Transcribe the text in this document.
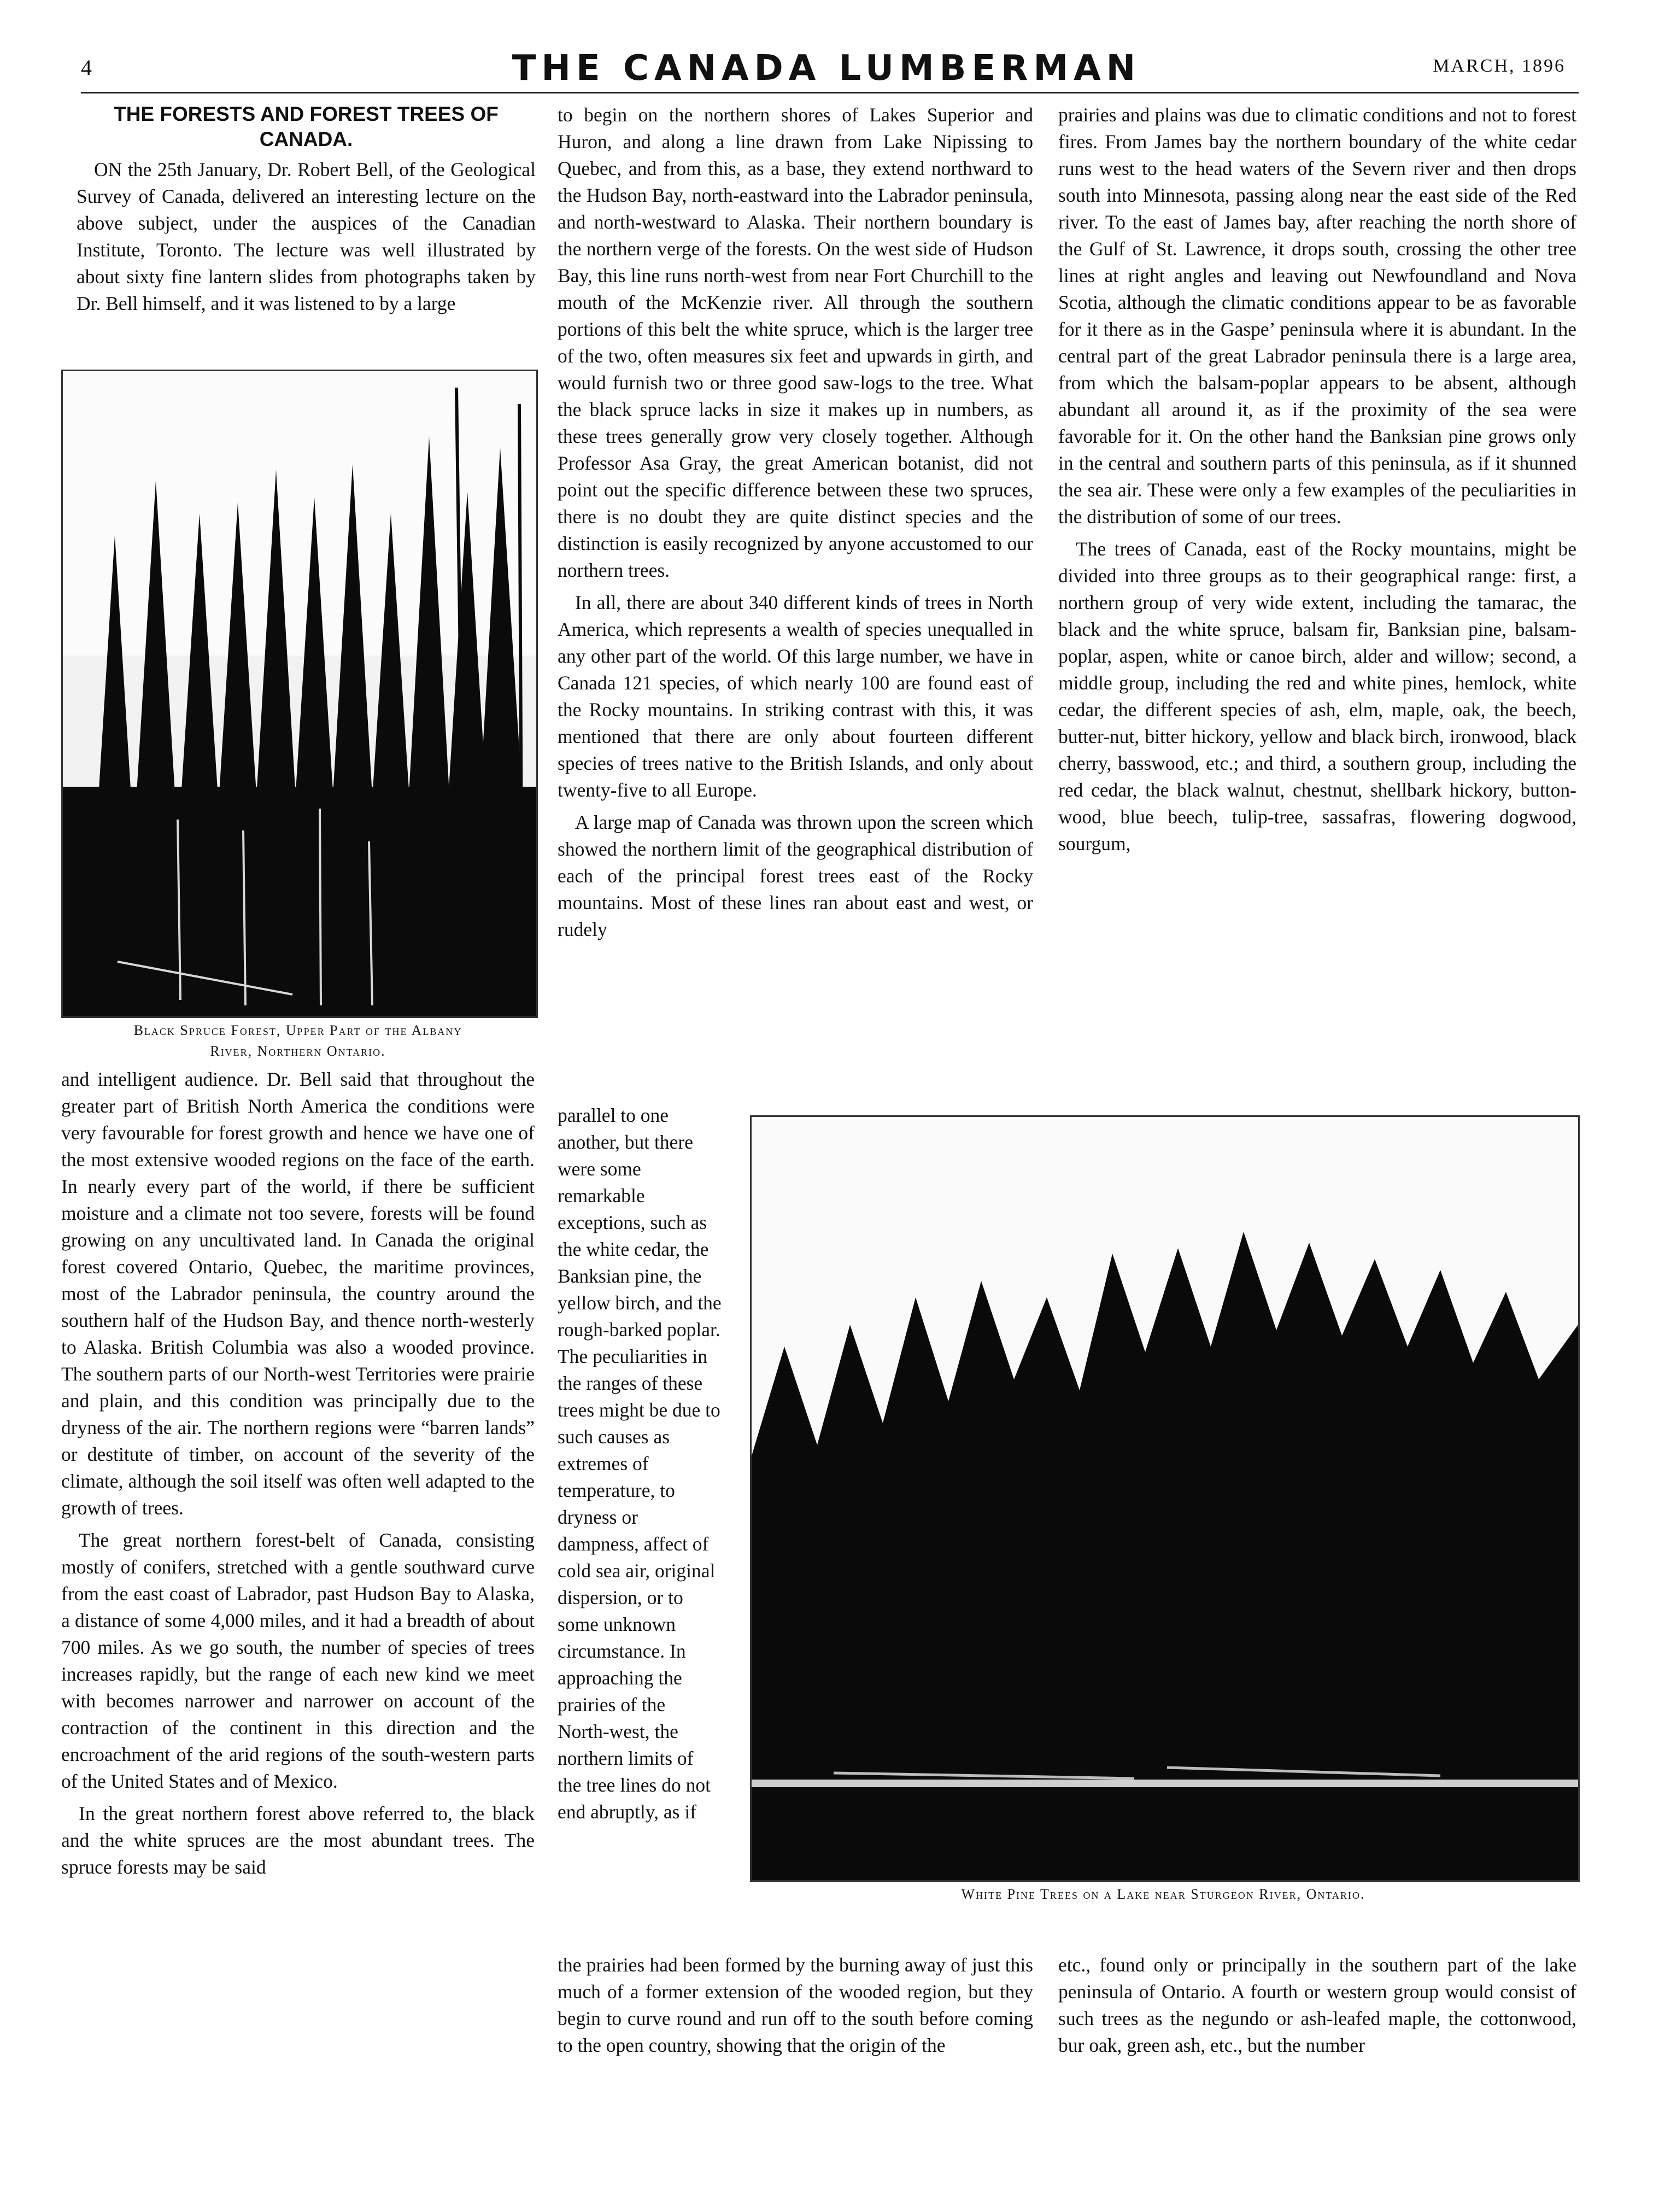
4	THE CANADA LUMBERMAN	MARCH, 1896
THE FORESTS AND FOREST TREES OF CANADA.

ON the 25th January, Dr. Robert Bell, of the Geological Survey of Canada, delivered an interesting lecture on the above subject, under the auspices of the Canadian Institute, Toronto. The lecture was well illustrated by about sixty fine lantern slides from photographs taken by Dr. Bell himself, and it was listened to by a large

Black Spruce Forest, Upper Part of the Albany
River, Northern Ontario.

and intelligent audience. Dr. Bell said that throughout the greater part of British North America the conditions were very favourable for forest growth and hence we have one of the most extensive wooded regions on the face of the earth. In nearly every part of the world, if there be sufficient moisture and a climate not too severe, forests will be found growing on any uncultivated land. In Canada the original forest covered Ontario, Quebec, the maritime provinces, most of the Labrador peninsula, the country around the southern half of the Hudson Bay, and thence north-westerly to Alaska. British Columbia was also a wooded province. The southern parts of our North-west Territories were prairie and plain, and this condition was principally due to the dryness of the air. The northern regions were “barren lands” or destitute of timber, on account of the severity of the climate, although the soil itself was often well adapted to the growth of trees.

The great northern forest-belt of Canada, consisting mostly of conifers, stretched with a gentle southward curve from the east coast of Labrador, past Hudson Bay to Alaska, a distance of some 4,000 miles, and it had a breadth of about 700 miles. As we go south, the number of species of trees increases rapidly, but the range of each new kind we meet with becomes narrower and narrower on account of the contraction of the continent in this direction and the encroachment of the arid regions of the south-western parts of the United States and of Mexico.

In the great northern forest above referred to, the black and the white spruces are the most abundant trees. The spruce forests may be said

to begin on the northern shores of Lakes Superior and Huron, and along a line drawn from Lake Nipissing to Quebec, and from this, as a base, they extend northward to the Hudson Bay, north-eastward into the Labrador peninsula, and north-westward to Alaska. Their northern boundary is the northern verge of the forests. On the west side of Hudson Bay, this line runs north-west from near Fort Churchill to the mouth of the McKenzie river. All through the southern portions of this belt the white spruce, which is the larger tree of the two, often measures six feet and upwards in girth, and would furnish two or three good saw-logs to the tree. What the black spruce lacks in size it makes up in numbers, as these trees generally grow very closely together. Although Professor Asa Gray, the great American botanist, did not point out the specific difference between these two spruces, there is no doubt they are quite distinct species and the distinction is easily recognized by anyone accustomed to our northern trees.

In all, there are about 340 different kinds of trees in North America, which represents a wealth of species unequalled in any other part of the world. Of this large number, we have in Canada 121 species, of which nearly 100 are found east of the Rocky mountains. In striking contrast with this, it was mentioned that there are only about fourteen different species of trees native to the British Islands, and only about twenty-five to all Europe.

A large map of Canada was thrown upon the screen which showed the northern limit of the geographical distribution of each of the principal forest trees east of the Rocky mountains. Most of these lines ran about east and west, or rudely

parallel to one another, but there were some remarkable exceptions, such as the white cedar, the Banksian pine, the yellow birch, and the rough-barked poplar. The peculiarities in the ranges of these trees might be due to such causes as extremes of temperature, to dryness or dampness, affect of cold sea air, original dispersion, or to some unknown circumstance. In approaching the prairies of the North-west, the northern limits of the tree lines do not end abruptly, as if

the prairies had been formed by the burning away of just this much of a former extension of the wooded region, but they begin to curve round and run off to the south before coming to the open country, showing that the origin of the

White Pine Trees on a Lake near Sturgeon River, Ontario.

prairies and plains was due to climatic conditions and not to forest fires. From James bay the northern boundary of the white cedar runs west to the head waters of the Severn river and then drops south into Minnesota, passing along near the east side of the Red river. To the east of James bay, after reaching the north shore of the Gulf of St. Lawrence, it drops south, crossing the other tree lines at right angles and leaving out Newfoundland and Nova Scotia, although the climatic conditions appear to be as favorable for it there as in the Gaspe’ peninsula where it is abundant. In the central part of the great Labrador peninsula there is a large area, from which the balsam-poplar appears to be absent, although abundant all around it, as if the proximity of the sea were favorable for it. On the other hand the Banksian pine grows only in the central and southern parts of this peninsula, as if it shunned the sea air. These were only a few examples of the peculiarities in the distribution of some of our trees.

The trees of Canada, east of the Rocky mountains, might be divided into three groups as to their geographical range: first, a northern group of very wide extent, including the tamarac, the black and the white spruce, balsam fir, Banksian pine, balsam-poplar, aspen, white or canoe birch, alder and willow; second, a middle group, including the red and white pines, hemlock, white cedar, the different species of ash, elm, maple, oak, the beech, butter-nut, bitter hickory, yellow and black birch, ironwood, black cherry, basswood, etc.; and third, a southern group, including the red cedar, the black walnut, chestnut, shellbark hickory, button-wood, blue beech, tulip-tree, sassafras, flowering dogwood, sourgum,

etc., found only or principally in the southern part of the lake peninsula of Ontario. A fourth or western group would consist of such trees as the negundo or ash-leafed maple, the cottonwood, bur oak, green ash, etc., but the number
